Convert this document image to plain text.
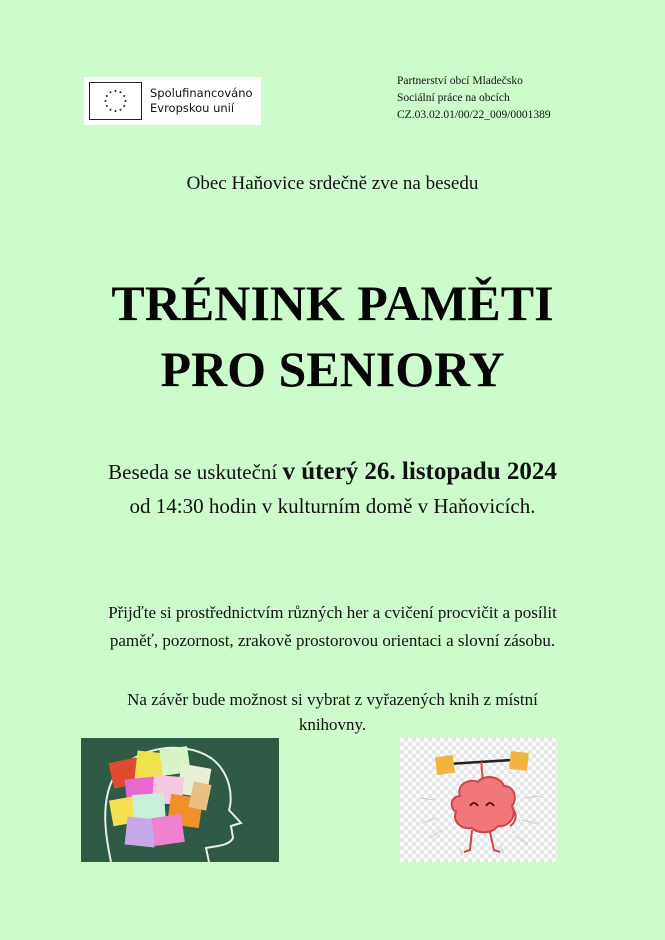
Spolufinancováno
Evropskou unií
Partnerství obcí Mladečsko
Sociální práce na obcích
CZ.03.02.01/00/22_009/0001389
Obec Haňovice srdečně zve na besedu
TRÉNINK PAMĚTI
PRO SENIORY
Beseda se uskuteční v úterý 26. listopadu 2024
od 14:30 hodin v kulturním domě v Haňovicích.
Přijďte si prostřednictvím různých her a cvičení procvičit a posílit
paměť, pozornost, zrakově prostorovou orientaci a slovní zásobu.
Na závěr bude možnost si vybrat z vyřazených knih z místní knihovny.
